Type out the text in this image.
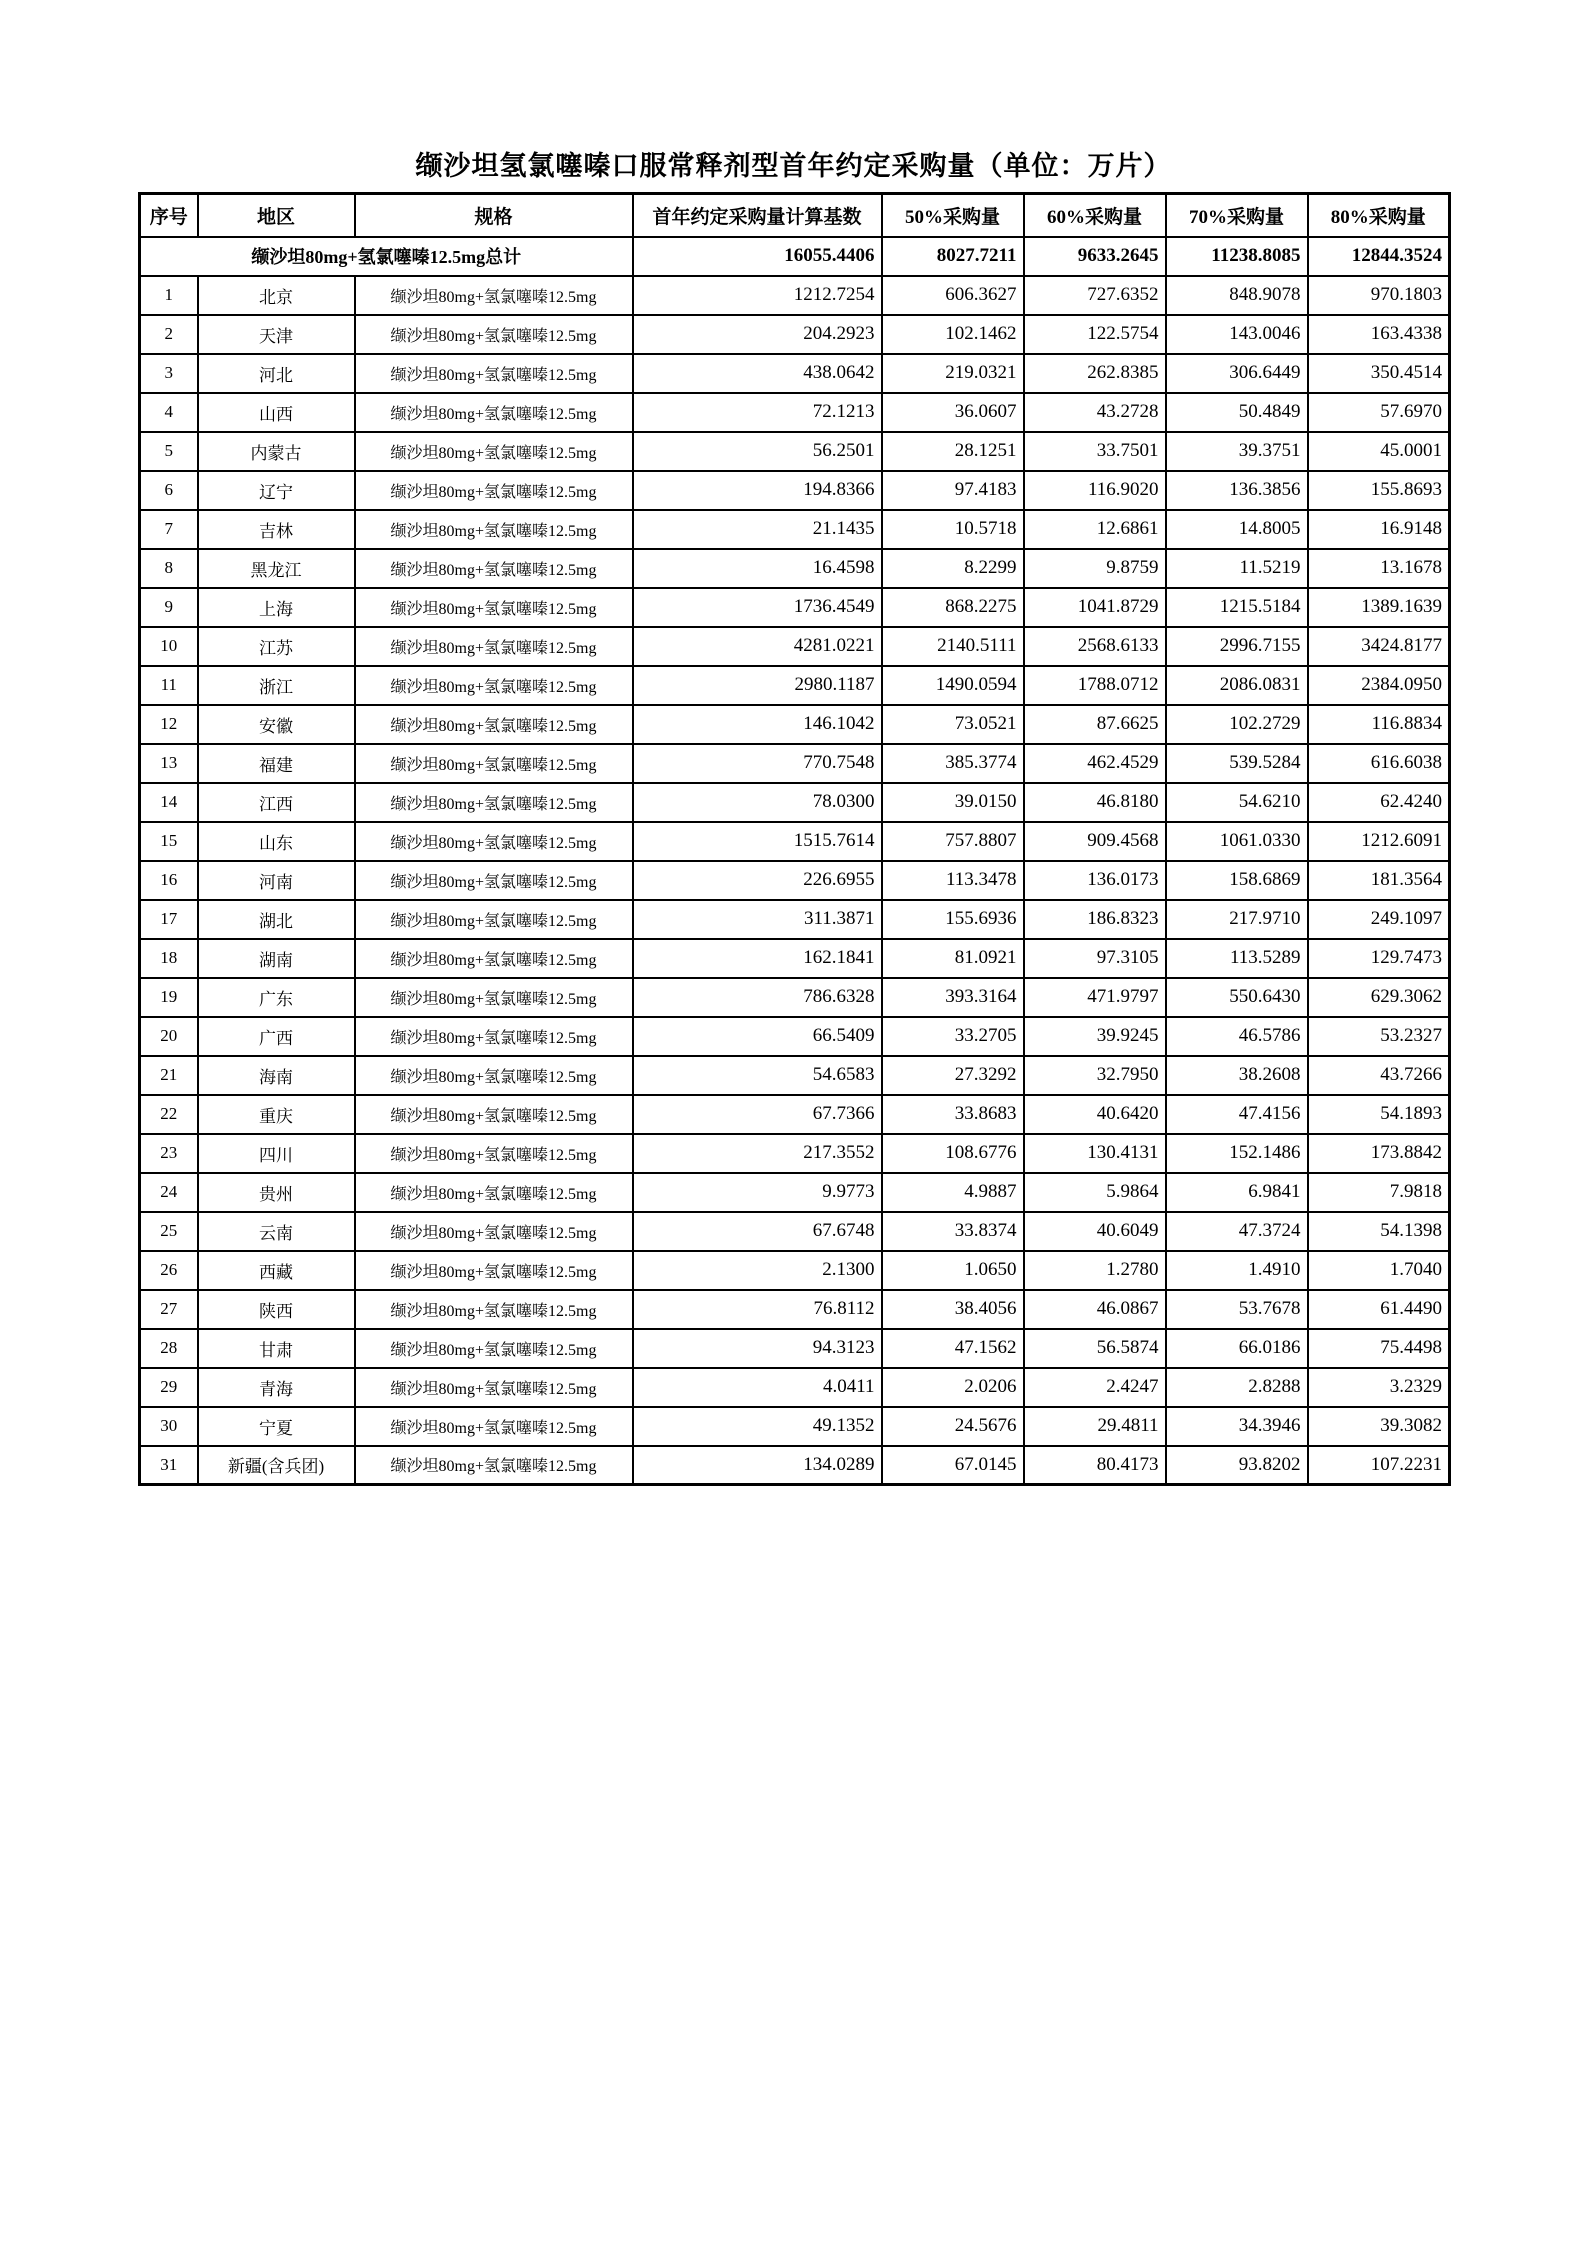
缬沙坦氢氯噻嗪口服常释剂型首年约定采购量（单位：万片）
序号	地区	规格	首年约定采购量计算基数	50%采购量	60%采购量	70%采购量	80%采购量
缬沙坦80mg+氢氯噻嗪12.5mg总计			16055.4406	8027.7211	9633.2645	11238.8085	12844.3524
1	北京	缬沙坦80mg+氢氯噻嗪12.5mg	1212.7254	606.3627	727.6352	848.9078	970.1803
2	天津	缬沙坦80mg+氢氯噻嗪12.5mg	204.2923	102.1462	122.5754	143.0046	163.4338
3	河北	缬沙坦80mg+氢氯噻嗪12.5mg	438.0642	219.0321	262.8385	306.6449	350.4514
4	山西	缬沙坦80mg+氢氯噻嗪12.5mg	72.1213	36.0607	43.2728	50.4849	57.6970
5	内蒙古	缬沙坦80mg+氢氯噻嗪12.5mg	56.2501	28.1251	33.7501	39.3751	45.0001
6	辽宁	缬沙坦80mg+氢氯噻嗪12.5mg	194.8366	97.4183	116.9020	136.3856	155.8693
7	吉林	缬沙坦80mg+氢氯噻嗪12.5mg	21.1435	10.5718	12.6861	14.8005	16.9148
8	黑龙江	缬沙坦80mg+氢氯噻嗪12.5mg	16.4598	8.2299	9.8759	11.5219	13.1678
9	上海	缬沙坦80mg+氢氯噻嗪12.5mg	1736.4549	868.2275	1041.8729	1215.5184	1389.1639
10	江苏	缬沙坦80mg+氢氯噻嗪12.5mg	4281.0221	2140.5111	2568.6133	2996.7155	3424.8177
11	浙江	缬沙坦80mg+氢氯噻嗪12.5mg	2980.1187	1490.0594	1788.0712	2086.0831	2384.0950
12	安徽	缬沙坦80mg+氢氯噻嗪12.5mg	146.1042	73.0521	87.6625	102.2729	116.8834
13	福建	缬沙坦80mg+氢氯噻嗪12.5mg	770.7548	385.3774	462.4529	539.5284	616.6038
14	江西	缬沙坦80mg+氢氯噻嗪12.5mg	78.0300	39.0150	46.8180	54.6210	62.4240
15	山东	缬沙坦80mg+氢氯噻嗪12.5mg	1515.7614	757.8807	909.4568	1061.0330	1212.6091
16	河南	缬沙坦80mg+氢氯噻嗪12.5mg	226.6955	113.3478	136.0173	158.6869	181.3564
17	湖北	缬沙坦80mg+氢氯噻嗪12.5mg	311.3871	155.6936	186.8323	217.9710	249.1097
18	湖南	缬沙坦80mg+氢氯噻嗪12.5mg	162.1841	81.0921	97.3105	113.5289	129.7473
19	广东	缬沙坦80mg+氢氯噻嗪12.5mg	786.6328	393.3164	471.9797	550.6430	629.3062
20	广西	缬沙坦80mg+氢氯噻嗪12.5mg	66.5409	33.2705	39.9245	46.5786	53.2327
21	海南	缬沙坦80mg+氢氯噻嗪12.5mg	54.6583	27.3292	32.7950	38.2608	43.7266
22	重庆	缬沙坦80mg+氢氯噻嗪12.5mg	67.7366	33.8683	40.6420	47.4156	54.1893
23	四川	缬沙坦80mg+氢氯噻嗪12.5mg	217.3552	108.6776	130.4131	152.1486	173.8842
24	贵州	缬沙坦80mg+氢氯噻嗪12.5mg	9.9773	4.9887	5.9864	6.9841	7.9818
25	云南	缬沙坦80mg+氢氯噻嗪12.5mg	67.6748	33.8374	40.6049	47.3724	54.1398
26	西藏	缬沙坦80mg+氢氯噻嗪12.5mg	2.1300	1.0650	1.2780	1.4910	1.7040
27	陕西	缬沙坦80mg+氢氯噻嗪12.5mg	76.8112	38.4056	46.0867	53.7678	61.4490
28	甘肃	缬沙坦80mg+氢氯噻嗪12.5mg	94.3123	47.1562	56.5874	66.0186	75.4498
29	青海	缬沙坦80mg+氢氯噻嗪12.5mg	4.0411	2.0206	2.4247	2.8288	3.2329
30	宁夏	缬沙坦80mg+氢氯噻嗪12.5mg	49.1352	24.5676	29.4811	34.3946	39.3082
31	新疆(含兵团)	缬沙坦80mg+氢氯噻嗪12.5mg	134.0289	67.0145	80.4173	93.8202	107.2231
